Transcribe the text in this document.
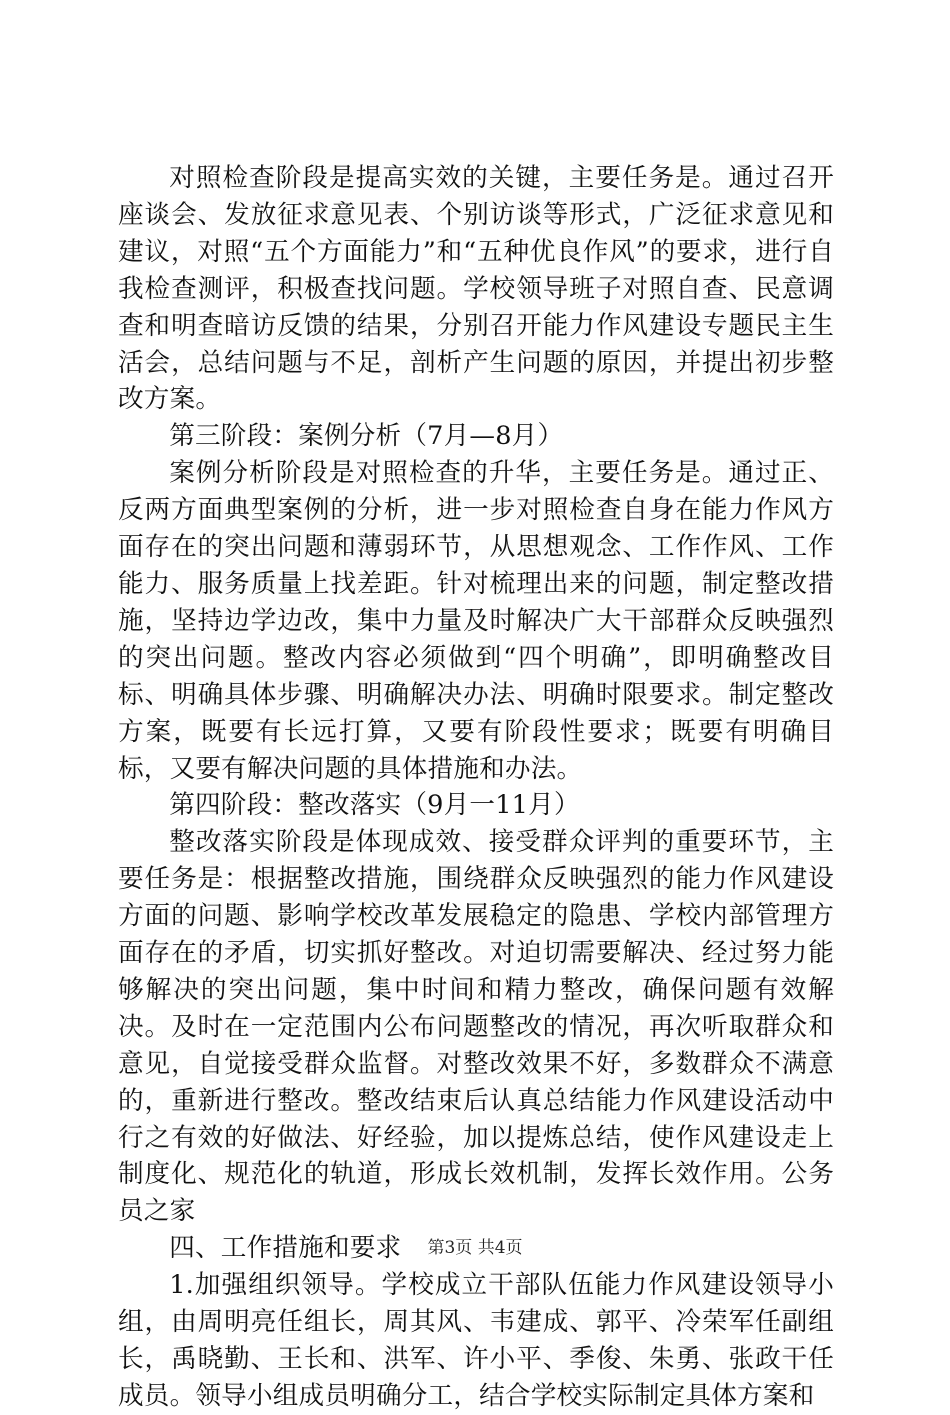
对照检查阶段是提高实效的关键，主要任务是。通过召开座谈会、发放征求意见表、个别访谈等形式，广泛征求意见和建议，对照“五个方面能力”和“五种优良作风”的要求，进行自我检查测评，积极查找问题。学校领导班子对照自查、民意调查和明查暗访反馈的结果，分别召开能力作风建设专题民主生活会，总结问题与不足，剖析产生问题的原因，并提出初步整改方案。

第三阶段：案例分析（7月—8月）

案例分析阶段是对照检查的升华，主要任务是。通过正、反两方面典型案例的分析，进一步对照检查自身在能力作风方面存在的突出问题和薄弱环节，从思想观念、工作作风、工作能力、服务质量上找差距。针对梳理出来的问题，制定整改措施，坚持边学边改，集中力量及时解决广大干部群众反映强烈的突出问题。整改内容必须做到“四个明确”，即明确整改目标、明确具体步骤、明确解决办法、明确时限要求。制定整改方案，既要有长远打算，又要有阶段性要求；既要有明确目标，又要有解决问题的具体措施和办法。

第四阶段：整改落实（9月一11月）

整改落实阶段是体现成效、接受群众评判的重要环节，主要任务是：根据整改措施，围绕群众反映强烈的能力作风建设方面的问题、影响学校改革发展稳定的隐患、学校内部管理方面存在的矛盾，切实抓好整改。对迫切需要解决、经过努力能够解决的突出问题，集中时间和精力整改，确保问题有效解决。及时在一定范围内公布问题整改的情况，再次听取群众和意见，自觉接受群众监督。对整改效果不好，多数群众不满意的，重新进行整改。整改结束后认真总结能力作风建设活动中行之有效的好做法、好经验，加以提炼总结，使作风建设走上制度化、规范化的轨道，形成长效机制，发挥长效作用。公务员之家

四、工作措施和要求

1.加强组织领导。学校成立干部队伍能力作风建设领导小组，由周明亮任组长，周其风、韦建成、郭平、冷荣军任副组长，禹晓勤、王长和、洪军、许小平、季俊、朱勇、张政干任成员。领导小组成员明确分工，结合学校实际制定具体方案和

第3页 共4页
